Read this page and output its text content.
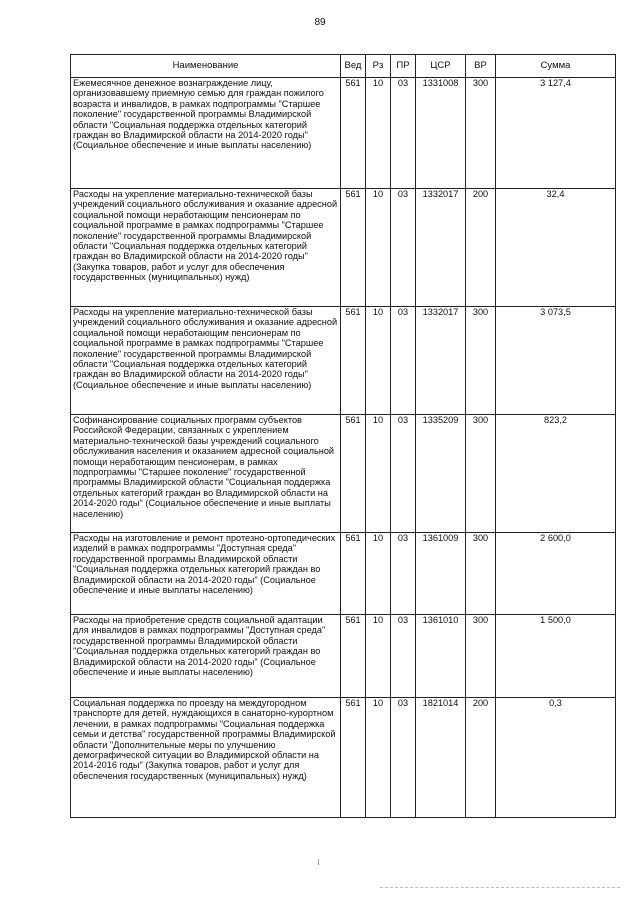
89
Наименование	Вед	Рз	ПР	ЦСР	ВР	Сумма
Ежемесячное денежное вознаграждение лицу, организовавшему приемную семью для граждан пожилого возраста и инвалидов, в рамках подпрограммы "Старшее поколение" государственной программы Владимирской области "Социальная поддержка отдельных категорий граждан во Владимирской области на 2014-2020 годы" (Социальное обеспечение и иные выплаты населению)	561	10	03	1331008	300	3 127,4
Расходы на укрепление материально-технической базы учреждений социального обслуживания и оказание адресной социальной помощи неработающим пенсионерам по социальной программе в рамках подпрограммы "Старшее поколение" государственной программы Владимирской области "Социальная поддержка отдельных категорий граждан во Владимирской области на 2014-2020 годы" (Закупка товаров, работ и услуг для обеспечения государственных (муниципальных) нужд)	561	10	03	1332017	200	32,4
Расходы на укрепление материально-технической базы учреждений социального обслуживания и оказание адресной социальной помощи неработающим пенсионерам по социальной программе в рамках подпрограммы "Старшее поколение" государственной программы Владимирской области "Социальная поддержка отдельных категорий граждан во Владимирской области на 2014-2020 годы" (Социальное обеспечение и иные выплаты населению)	561	10	03	1332017	300	3 073,5
Софинансирование социальных программ субъектов Российской Федерации, связанных с укреплением материально-технической базы учреждений социального обслуживания населения и оказанием адресной социальной помощи неработающим пенсионерам, в рамках подпрограммы "Старшее поколение" государственной программы Владимирской области "Социальная поддержка отдельных категорий граждан во Владимирской области на 2014-2020 годы" (Социальное обеспечение и иные выплаты населению)	561	10	03	1335209	300	823,2
Расходы на изготовление и ремонт протезно-ортопедических изделий в рамках подпрограммы "Доступная среда" государственной программы Владимирской области "Социальная поддержка отдельных категорий граждан во Владимирской области на 2014-2020 годы" (Социальное обеспечение и иные выплаты населению)	561	10	03	1361009	300	2 600,0
Расходы на приобретение средств социальной адаптации для инвалидов в рамках подпрограммы "Доступная среда" государственной программы Владимирской области "Социальная поддержка отдельных категорий граждан во Владимирской области на 2014-2020 годы" (Социальное обеспечение и иные выплаты населению)	561	10	03	1361010	300	1 500,0
Социальная поддержка по проезду на междугородном транспорте для детей, нуждающихся в санаторно-курортном лечении, в рамках подпрограммы "Социальная поддержка семьи и детства" государственной программы Владимирской области "Дополнительные меры по улучшению демографической ситуации во Владимирской области на 2014-2016 годы" (Закупка товаров, работ и услуг для обеспечения государственных (муниципальных) нужд)	561	10	03	1821014	200	0,3
